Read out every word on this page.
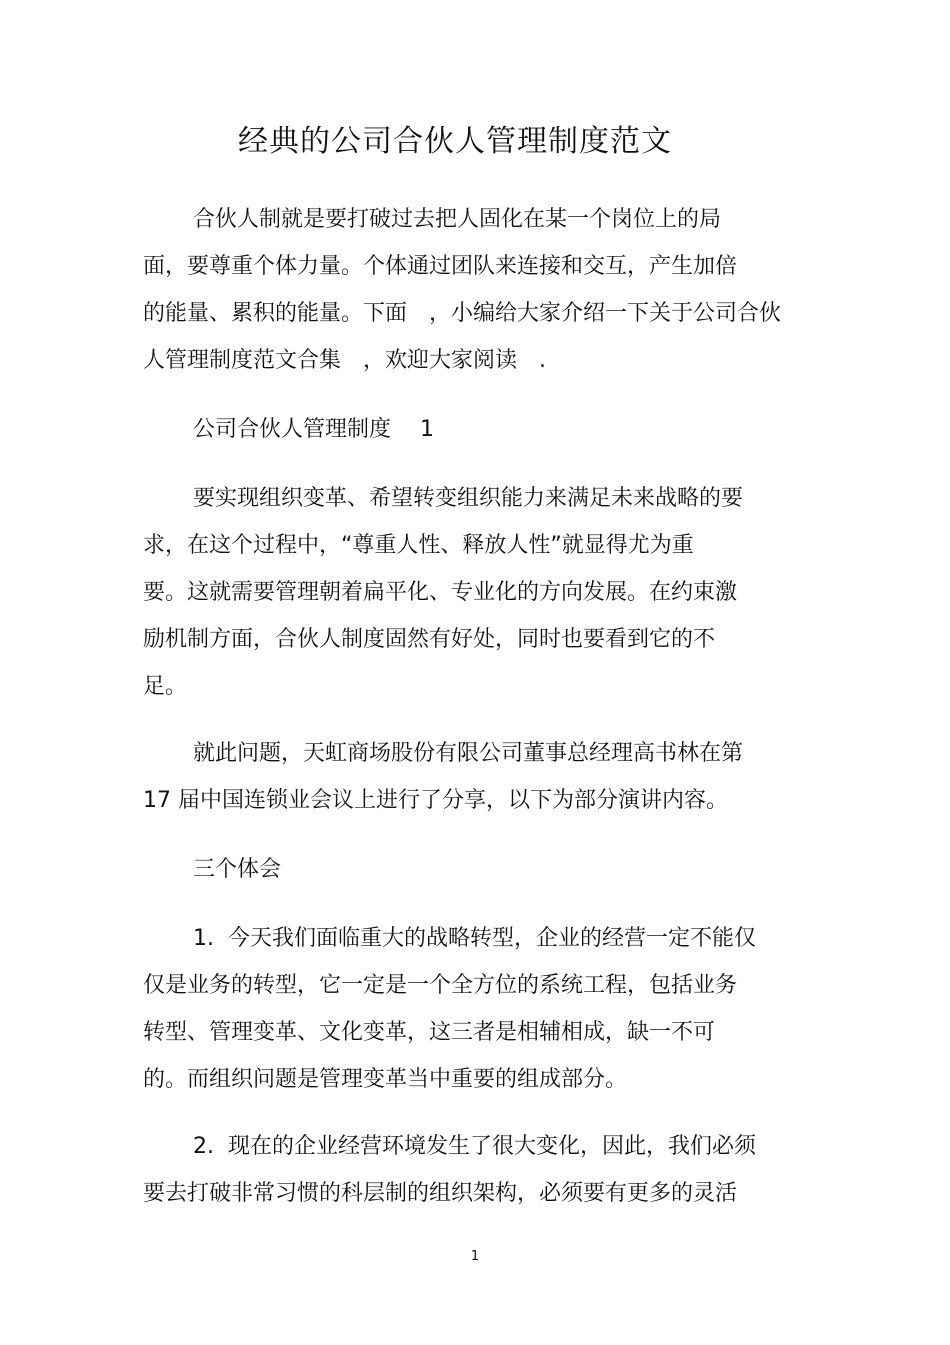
经典的公司合伙人管理制度范文
合伙人制就是要打破过去把人固化在某一个岗位上的局
面，要尊重个体力量。个体通过团队来连接和交互，产生加倍
的能量、累积的能量。下面　，小编给大家介绍一下关于公司合伙
人管理制度范文合集　，欢迎大家阅读　.
公司合伙人管理制度　 1
要实现组织变革、希望转变组织能力来满足未来战略的要
求，在这个过程中，“尊重人性、释放人性”就显得尤为重
要。这就需要管理朝着扁平化、专业化的方向发展。在约束激
励机制方面，合伙人制度固然有好处，同时也要看到它的不
足。
就此问题，天虹商场股份有限公司董事总经理高书林在第
17 届中国连锁业会议上进行了分享，以下为部分演讲内容。
三个体会
1.  今天我们面临重大的战略转型，企业的经营一定不能仅
仅是业务的转型，它一定是一个全方位的系统工程，包括业务
转型、管理变革、文化变革，这三者是相辅相成，缺一不可
的。而组织问题是管理变革当中重要的组成部分。
2.  现在的企业经营环境发生了很大变化，因此，我们必须
要去打破非常习惯的科层制的组织架构，必须要有更多的灵活
1
